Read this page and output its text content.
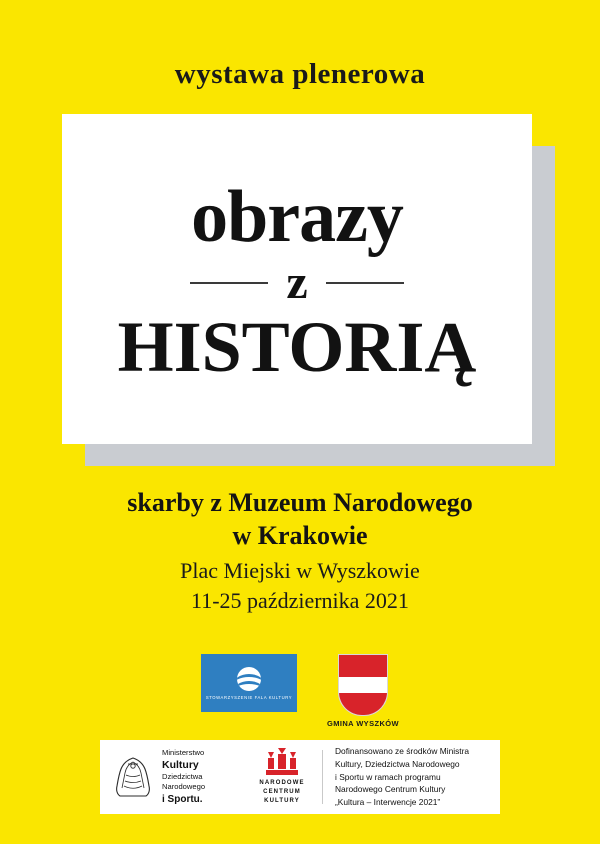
wystawa plenerowa
obrazy
z
HISTORIĄ
skarby z Muzeum Narodowego
w Krakowie
Plac Miejski w Wyszkowie
11-25 października 2021
STOWARZYSZENIE FALA KULTURY
GMINA WYSZKÓW
Ministerstwo
Kultury
Dziedzictwa
Narodowego
i Sportu.
NARODOWE
CENTRUM
KULTURY
Dofinansowano ze środków Ministra
Kultury, Dziedzictwa Narodowego
i Sportu w ramach programu
Narodowego Centrum Kultury
„Kultura – Interwencje 2021”
